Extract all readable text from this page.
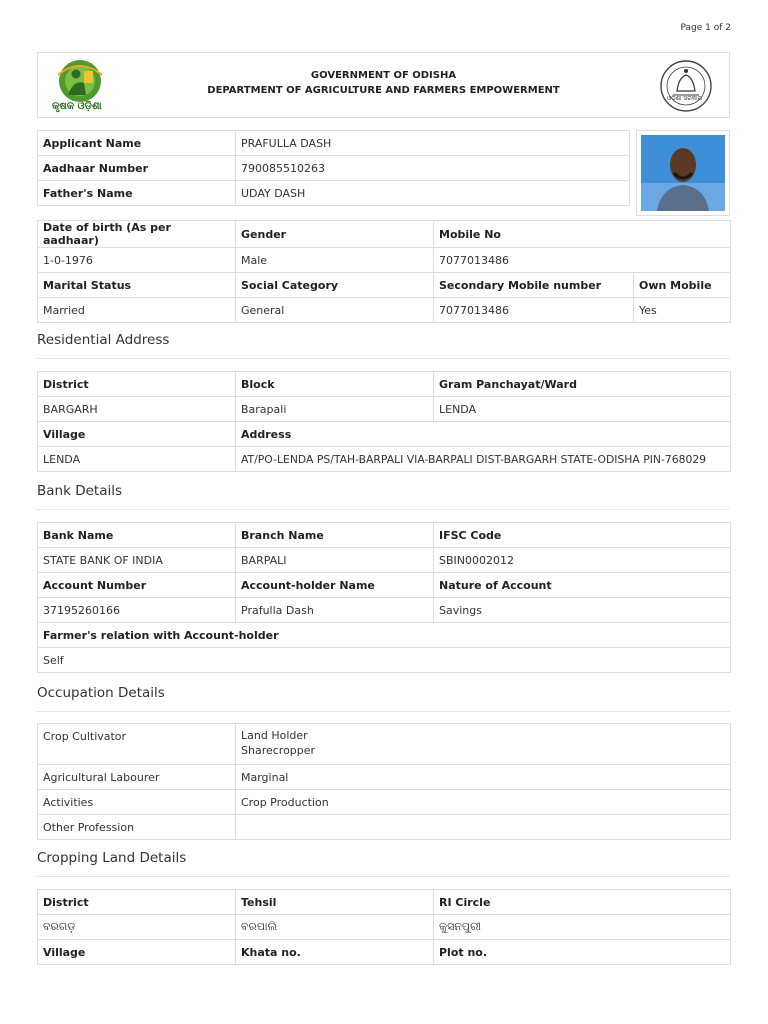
Page 1 of 2
କୃଷକ ଓଡ଼ିଶା
GOVERNMENT OF ODISHA
DEPARTMENT OF AGRICULTURE AND FARMERS EMPOWERMENT
ଓଡ଼ିଶା ସରକାର
Applicant Name	PRAFULLA DASH
Aadhaar Number	790085510263
Father's Name	UDAY DASH
Date of birth (As per aadhaar)	Gender	Mobile No	
1-0-1976	Male	7077013486	
Marital Status	Social Category	Secondary Mobile number	Own Mobile
Married	General	7077013486	Yes
Residential Address
District	Block	Gram Panchayat/Ward
BARGARH	Barapali	LENDA
Village	Address	
LENDA	AT/PO-LENDA PS/TAH-BARPALI VIA-BARPALI DIST-BARGARH STATE-ODISHA PIN-768029	
Bank Details
Bank Name	Branch Name	IFSC Code
STATE BANK OF INDIA	BARPALI	SBIN0002012
Account Number	Account-holder Name	Nature of Account
37195260166	Prafulla Dash	Savings
Farmer's relation with Account-holder		
Self		
Occupation Details
Crop Cultivator	Land Holder
Sharecropper

Agricultural Labourer	Marginal
Activities	Crop Production
Other Profession	
Cropping Land Details
District	Tehsil	RI Circle
ବରଗଡ଼	ବରପାଲି	କୁସନପୁରୀ
Village	Khata no.	Plot no.
